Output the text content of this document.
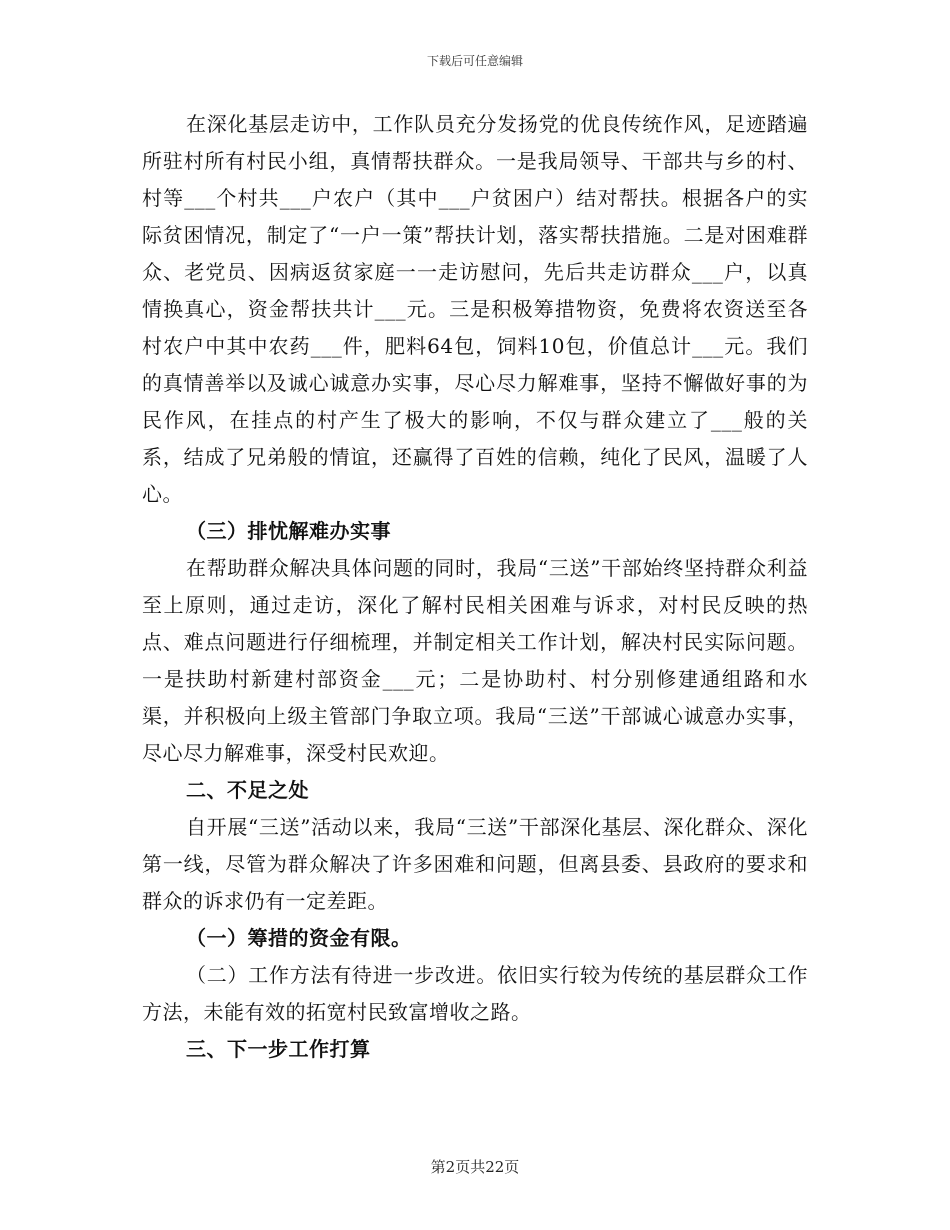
下载后可任意编辑

在深化基层走访中，工作队员充分发扬党的优良传统作风，足迹踏遍所驻村所有村民小组，真情帮扶群众。一是我局领导、干部共与乡的村、村等___个村共___户农户（其中___户贫困户）结对帮扶。根据各户的实际贫困情况，制定了“一户一策”帮扶计划，落实帮扶措施。二是对困难群众、老党员、因病返贫家庭一一走访慰问，先后共走访群众___户，以真情换真心，资金帮扶共计___元。三是积极筹措物资，免费将农资送至各村农户中其中农药___件，肥料64包，饲料10包，价值总计___元。我们的真情善举以及诚心诚意办实事，尽心尽力解难事，坚持不懈做好事的为民作风，在挂点的村产生了极大的影响，不仅与群众建立了___般的关系，结成了兄弟般的情谊，还赢得了百姓的信赖，纯化了民风，温暖了人心。

（三）排忧解难办实事

在帮助群众解决具体问题的同时，我局“三送”干部始终坚持群众利益至上原则，通过走访，深化了解村民相关困难与诉求，对村民反映的热点、难点问题进行仔细梳理，并制定相关工作计划，解决村民实际问题。一是扶助村新建村部资金___元；二是协助村、村分别修建通组路和水渠，并积极向上级主管部门争取立项。我局“三送”干部诚心诚意办实事，尽心尽力解难事，深受村民欢迎。

二、不足之处

自开展“三送”活动以来，我局“三送”干部深化基层、深化群众、深化第一线，尽管为群众解决了许多困难和问题，但离县委、县政府的要求和群众的诉求仍有一定差距。

（一）筹措的资金有限。

（二）工作方法有待进一步改进。依旧实行较为传统的基层群众工作方法，未能有效的拓宽村民致富增收之路。

三、下一步工作打算

第2页共22页
